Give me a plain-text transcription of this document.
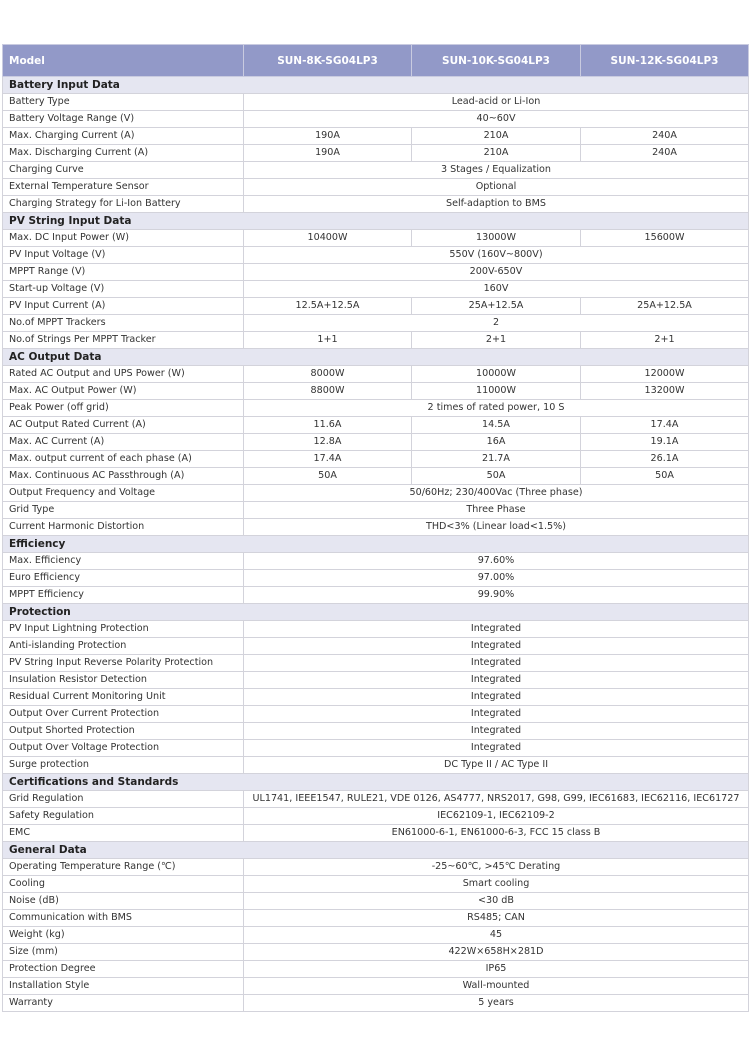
Model	SUN-8K-SG04LP3	SUN-10K-SG04LP3	SUN-12K-SG04LP3
Battery Input Data			
Battery Type	Lead-acid or Li-Ion		
Battery Voltage Range (V)	40~60V		
Max. Charging Current (A)	190A	210A	240A
Max. Discharging Current (A)	190A	210A	240A
Charging Curve	3 Stages / Equalization		
External Temperature Sensor	Optional		
Charging Strategy for Li-Ion Battery	Self-adaption to BMS		
PV String Input Data			
Max. DC Input Power (W)	10400W	13000W	15600W
PV Input Voltage (V)	550V (160V~800V)		
MPPT Range (V)	200V-650V		
Start-up Voltage (V)	160V		
PV Input Current (A)	12.5A+12.5A	25A+12.5A	25A+12.5A
No.of MPPT Trackers	2		
No.of Strings Per MPPT Tracker	1+1	2+1	2+1
AC Output Data			
Rated AC Output and UPS Power (W)	8000W	10000W	12000W
Max. AC Output Power (W)	8800W	11000W	13200W
Peak Power (off grid)	2 times of rated power, 10 S		
AC Output Rated Current (A)	11.6A	14.5A	17.4A
Max. AC Current (A)	12.8A	16A	19.1A
Max. output current of each phase (A)	17.4A	21.7A	26.1A
Max. Continuous AC Passthrough (A)	50A	50A	50A
Output Frequency and Voltage	50/60Hz; 230/400Vac (Three phase)		
Grid Type	Three Phase		
Current Harmonic Distortion	THD<3% (Linear load<1.5%)		
Efficiency			
Max. Efficiency	97.60%		
Euro Efficiency	97.00%		
MPPT Efficiency	99.90%		
Protection			
PV Input Lightning Protection	Integrated		
Anti-islanding Protection	Integrated		
PV String Input Reverse Polarity Protection	Integrated		
Insulation Resistor Detection	Integrated		
Residual Current Monitoring Unit	Integrated		
Output Over Current Protection	Integrated		
Output Shorted Protection	Integrated		
Output Over Voltage Protection	Integrated		
Surge protection	DC Type II / AC Type II		
Certifications and Standards			
Grid Regulation	UL1741, IEEE1547, RULE21, VDE 0126, AS4777, NRS2017, G98, G99, IEC61683, IEC62116, IEC61727		
Safety Regulation	IEC62109-1, IEC62109-2		
EMC	EN61000-6-1, EN61000-6-3, FCC 15 class B		
General Data			
Operating Temperature Range (℃)	-25~60℃, >45℃ Derating		
Cooling	Smart cooling		
Noise (dB)	<30 dB		
Communication with BMS	RS485; CAN		
Weight (kg)	45		
Size (mm)	422W×658H×281D		
Protection Degree	IP65		
Installation Style	Wall-mounted		
Warranty	5 years		
